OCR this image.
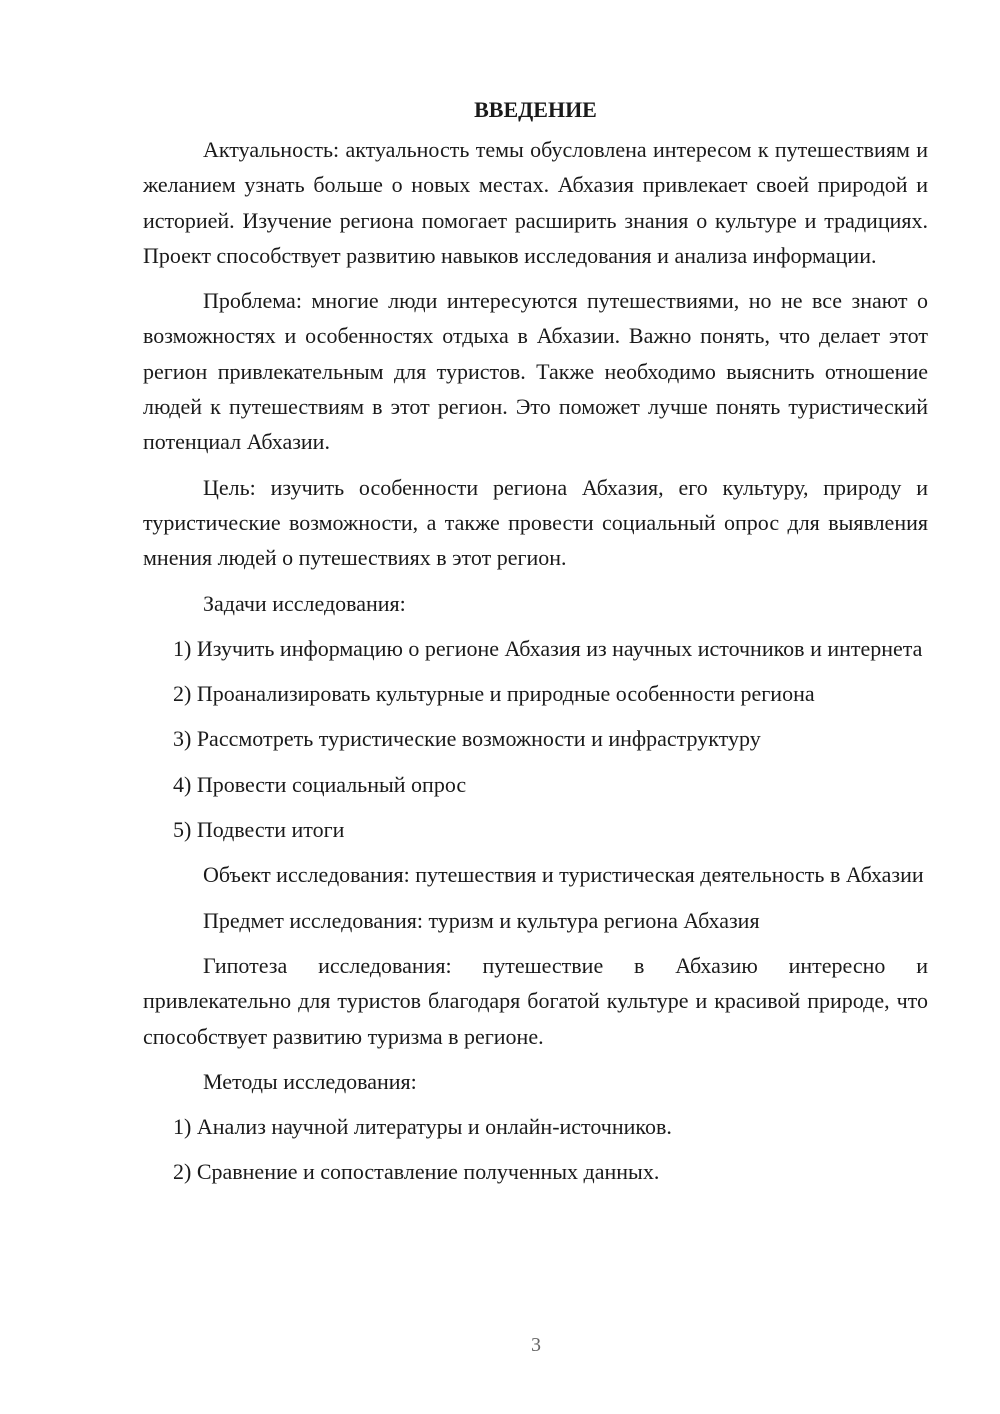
ВВЕДЕНИЕ

Актуальность: актуальность темы обусловлена интересом к путешествиям и желанием узнать больше о новых местах. Абхазия привлекает своей природой и историей. Изучение региона помогает расширить знания о культуре и традициях. Проект способствует развитию навыков исследования и анализа информации.

Проблема: многие люди интересуются путешествиями, но не все знают о возможностях и особенностях отдыха в Абхазии. Важно понять, что делает этот регион привлекательным для туристов. Также необходимо выяснить отношение людей к путешествиям в этот регион. Это поможет лучше понять туристический потенциал Абхазии.

Цель: изучить особенности региона Абхазия, его культуру, природу и туристические возможности, а также провести социальный опрос для выявления мнения людей о путешествиях в этот регион.

Задачи исследования:

1) Изучить информацию о регионе Абхазия из научных источников и интернета

2) Проанализировать культурные и природные особенности региона

3) Рассмотреть туристические возможности и инфраструктуру

4) Провести социальный опрос

5) Подвести итоги

Объект исследования: путешествия и туристическая деятельность в Абхазии

Предмет исследования: туризм и культура региона Абхазия

Гипотеза исследования: путешествие в Абхазию интересно и привлекательно для туристов благодаря богатой культуре и красивой природе, что способствует развитию туризма в регионе.

Методы исследования:

1) Анализ научной литературы и онлайн-источников.

2) Сравнение и сопоставление полученных данных.

3
